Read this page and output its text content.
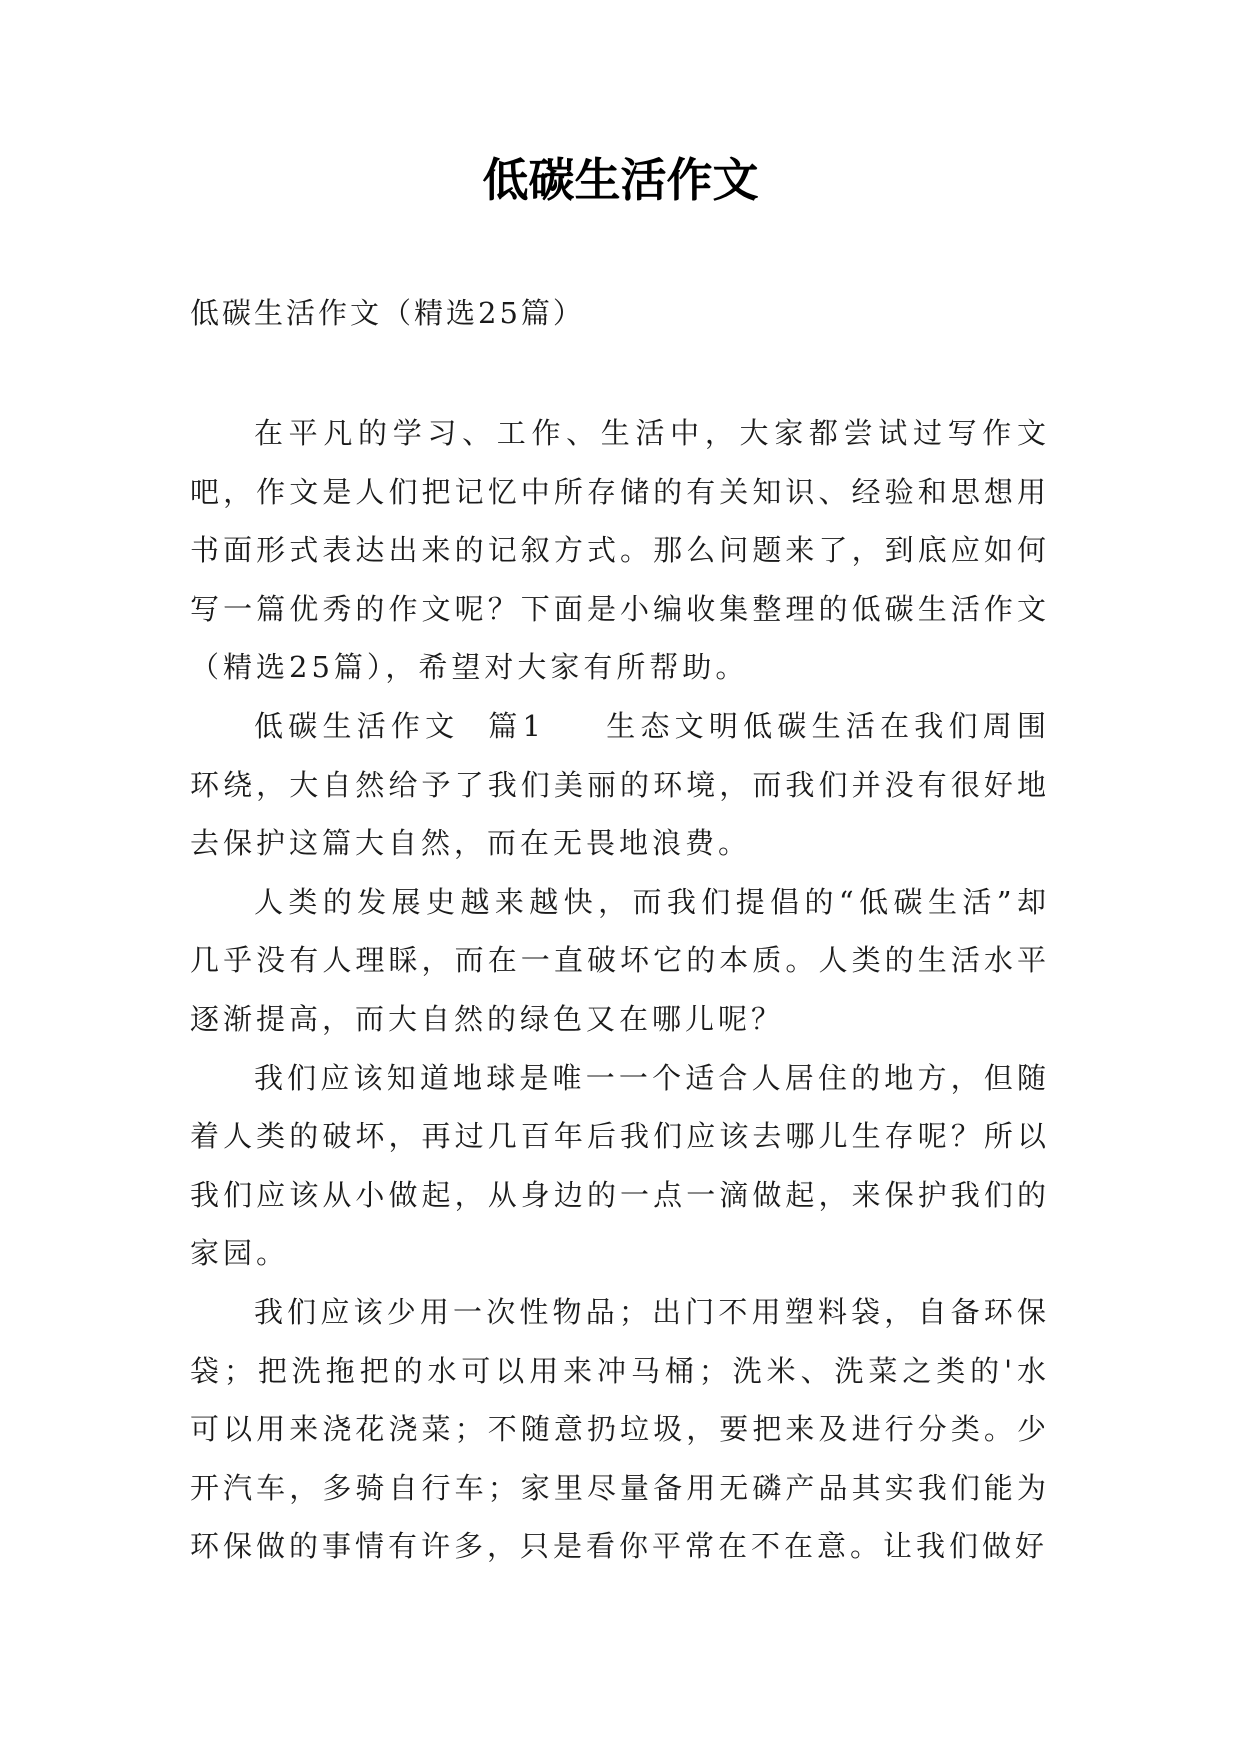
低碳生活作文
低碳生活作文（精选25篇）

在平凡的学习、工作、生活中，大家都尝试过写作文吧，作文是人们把记忆中所存储的有关知识、经验和思想用书面形式表达出来的记叙方式。那么问题来了，到底应如何写一篇优秀的作文呢？下面是小编收集整理的低碳生活作文（精选25篇），希望对大家有所帮助。

低碳生活作文  篇1 生态文明低碳生活在我们周围环绕，大自然给予了我们美丽的环境，而我们并没有很好地去保护这篇大自然，而在无畏地浪费。

人类的发展史越来越快，而我们提倡的“低碳生活”却几乎没有人理睬，而在一直破坏它的本质。人类的生活水平逐渐提高，而大自然的绿色又在哪儿呢？

我们应该知道地球是唯一一个适合人居住的地方，但随着人类的破坏，再过几百年后我们应该去哪儿生存呢？所以我们应该从小做起，从身边的一点一滴做起，来保护我们的家园。

我们应该少用一次性物品；出门不用塑料袋，自备环保袋；把洗拖把的水可以用来冲马桶；洗米、洗菜之类的'水可以用来浇花浇菜；不随意扔垃圾，要把来及进行分类。少开汽车，多骑自行车；家里尽量备用无磷产品其实我们能为环保做的事情有许多，只是看你平常在不在意。让我们做好
